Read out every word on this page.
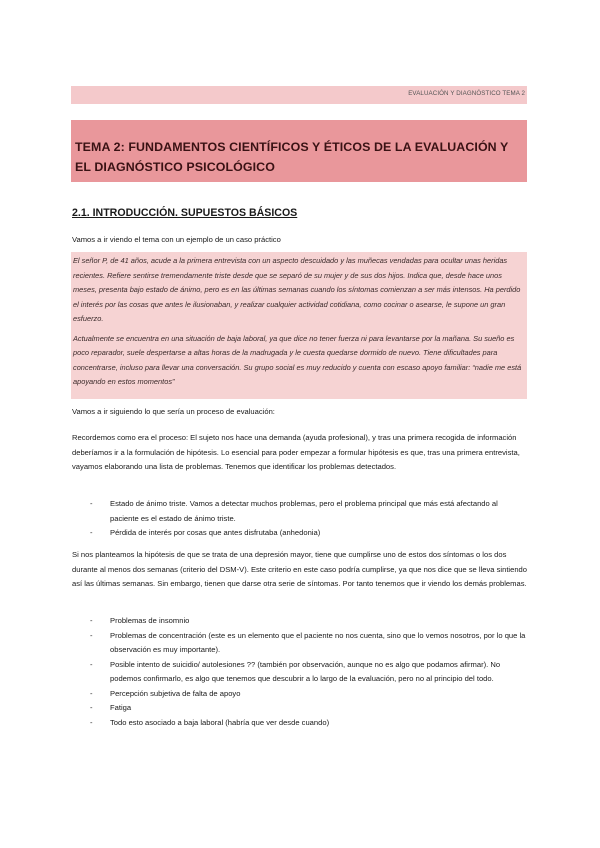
EVALUACIÓN Y DIAGNÓSTICO TEMA 2
TEMA 2: FUNDAMENTOS CIENTÍFICOS Y ÉTICOS DE LA EVALUACIÓN Y EL DIAGNÓSTICO PSICOLÓGICO
2.1. INTRODUCCIÓN. SUPUESTOS BÁSICOS
Vamos a ir viendo el tema con un ejemplo de un caso práctico

El señor P, de 41 años, acude a la primera entrevista con un aspecto descuidado y las muñecas vendadas para ocultar unas heridas recientes. Refiere sentirse tremendamente triste desde que se separó de su mujer y de sus dos hijos. Indica que, desde hace unos meses, presenta bajo estado de ánimo, pero es en las últimas semanas cuando los síntomas comienzan a ser más intensos. Ha perdido el interés por las cosas que antes le ilusionaban, y realizar cualquier actividad cotidiana, como cocinar o asearse, le supone un gran esfuerzo.

Actualmente se encuentra en una situación de baja laboral, ya que dice no tener fuerza ni para levantarse por la mañana. Su sueño es poco reparador, suele despertarse a altas horas de la madrugada y le cuesta quedarse dormido de nuevo. Tiene dificultades para concentrarse, incluso para llevar una conversación. Su grupo social es muy reducido y cuenta con escaso apoyo familiar: “nadie me está apoyando en estos momentos”

Vamos a ir siguiendo lo que sería un proceso de evaluación:
Recordemos como era el proceso: El sujeto nos hace una demanda (ayuda profesional), y tras una primera recogida de información deberíamos ir a la formulación de hipótesis. Lo esencial para poder empezar a formular hipótesis es que, tras una primera entrevista, vayamos elaborando una lista de problemas. Tenemos que identificar los problemas detectados.
- Estado de ánimo triste. Vamos a detectar muchos problemas, pero el problema principal que más está afectando al paciente es el estado de ánimo triste.
- Pérdida de interés por cosas que antes disfrutaba (anhedonia)
Si nos planteamos la hipótesis de que se trata de una depresión mayor, tiene que cumplirse uno de estos dos síntomas o los dos durante al menos dos semanas (criterio del DSM-V). Este criterio en este caso podría cumplirse, ya que nos dice que se lleva sintiendo así las últimas semanas. Sin embargo, tienen que darse otra serie de síntomas. Por tanto tenemos que ir viendo los demás problemas.
- Problemas de insomnio
- Problemas de concentración (este es un elemento que el paciente no nos cuenta, sino que lo vemos nosotros, por lo que la observación es muy importante).
- Posible intento de suicidio/ autolesiones ?? (también por observación, aunque no es algo que podamos afirmar). No podemos confirmarlo, es algo que tenemos que descubrir a lo largo de la evaluación, pero no al principio del todo.
- Percepción subjetiva de falta de apoyo
- Fatiga
- Todo esto asociado a baja laboral (habría que ver desde cuando)
